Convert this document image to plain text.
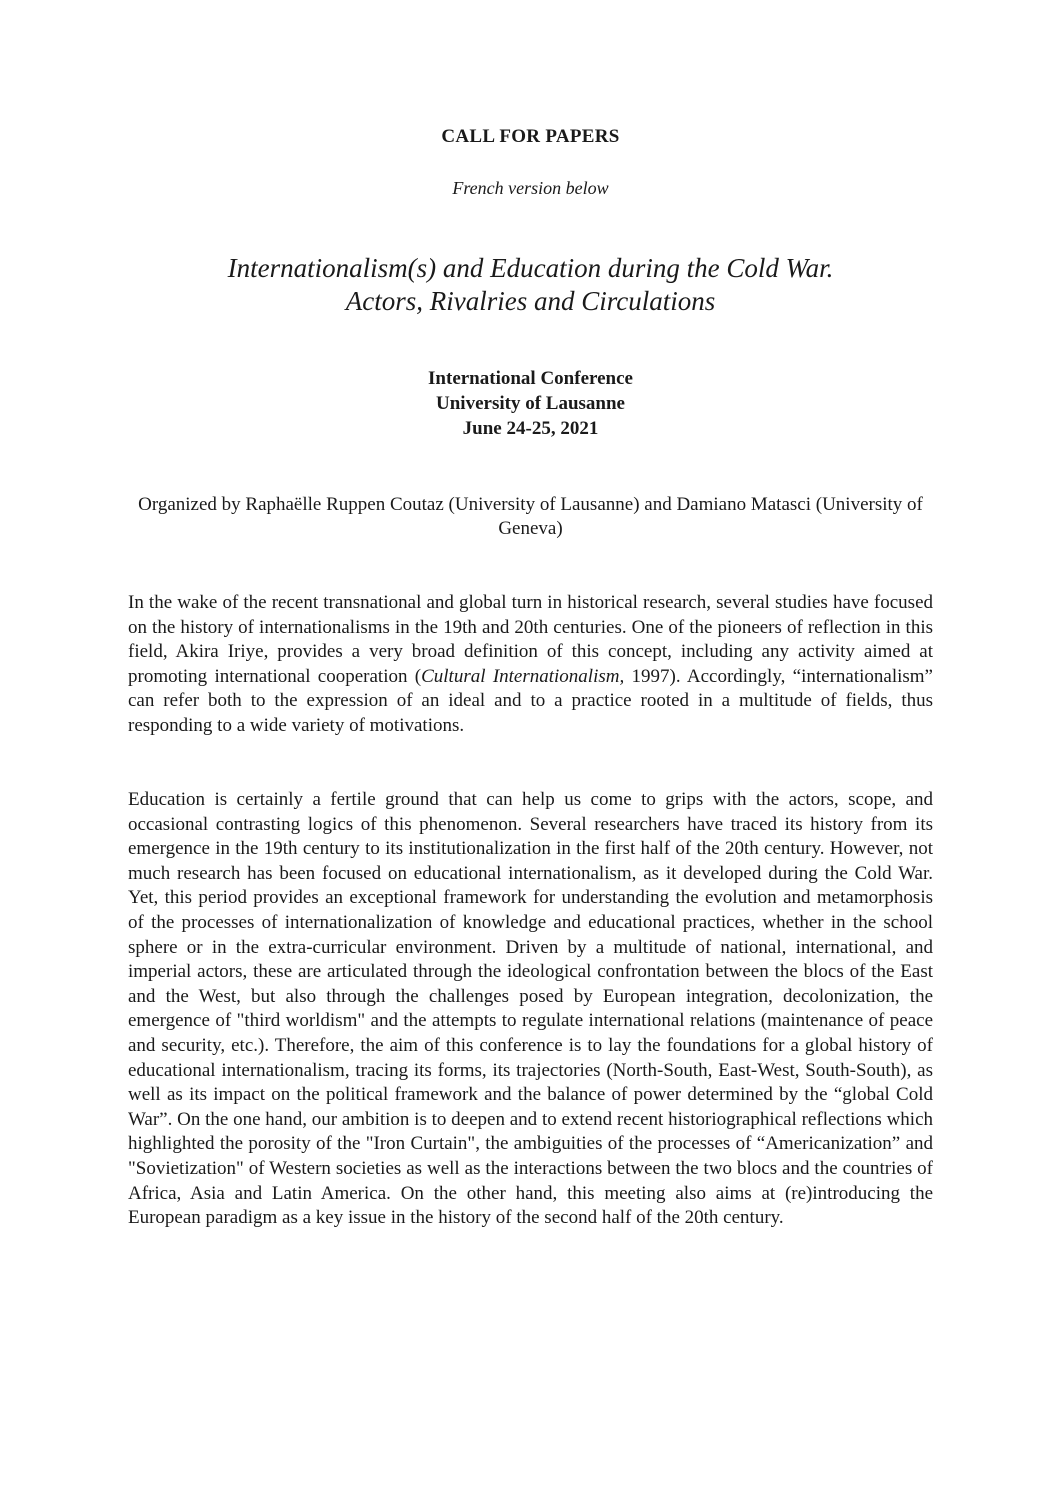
CALL FOR PAPERS

French version below

Internationalism(s) and Education during the Cold War.
Actors, Rivalries and Circulations
International Conference
University of Lausanne
June 24-25, 2021

Organized by Raphaëlle Ruppen Coutaz (University of Lausanne) and Damiano Matasci (University of Geneva)

In the wake of the recent transnational and global turn in historical research, several studies have focused on the history of internationalisms in the 19th and 20th centuries. One of the pioneers of reflection in this field, Akira Iriye, provides a very broad definition of this concept, including any activity aimed at promoting international cooperation (Cultural Internationalism, 1997). Accordingly, “internationalism” can refer both to the expression of an ideal and to a practice rooted in a multitude of fields, thus responding to a wide variety of motivations.

Education is certainly a fertile ground that can help us come to grips with the actors, scope, and occasional contrasting logics of this phenomenon. Several researchers have traced its history from its emergence in the 19th century to its institutionalization in the first half of the 20th century. However, not much research has been focused on educational internationalism, as it developed during the Cold War. Yet, this period provides an exceptional framework for understanding the evolution and metamorphosis of the processes of internationalization of knowledge and educational practices, whether in the school sphere or in the extra-curricular environment. Driven by a multitude of national, international, and imperial actors, these are articulated through the ideological confrontation between the blocs of the East and the West, but also through the challenges posed by European integration, decolonization, the emergence of "third worldism" and the attempts to regulate international relations (maintenance of peace and security, etc.). Therefore, the aim of this conference is to lay the foundations for a global history of educational internationalism, tracing its forms, its trajectories (North-South, East-West, South-South), as well as its impact on the political framework and the balance of power determined by the “global Cold War”. On the one hand, our ambition is to deepen and to extend recent historiographical reflections which highlighted the porosity of the "Iron Curtain", the ambiguities of the processes of “Americanization” and "Sovietization" of Western societies as well as the interactions between the two blocs and the countries of Africa, Asia and Latin America. On the other hand, this meeting also aims at (re)introducing the European paradigm as a key issue in the history of the second half of the 20th century.
